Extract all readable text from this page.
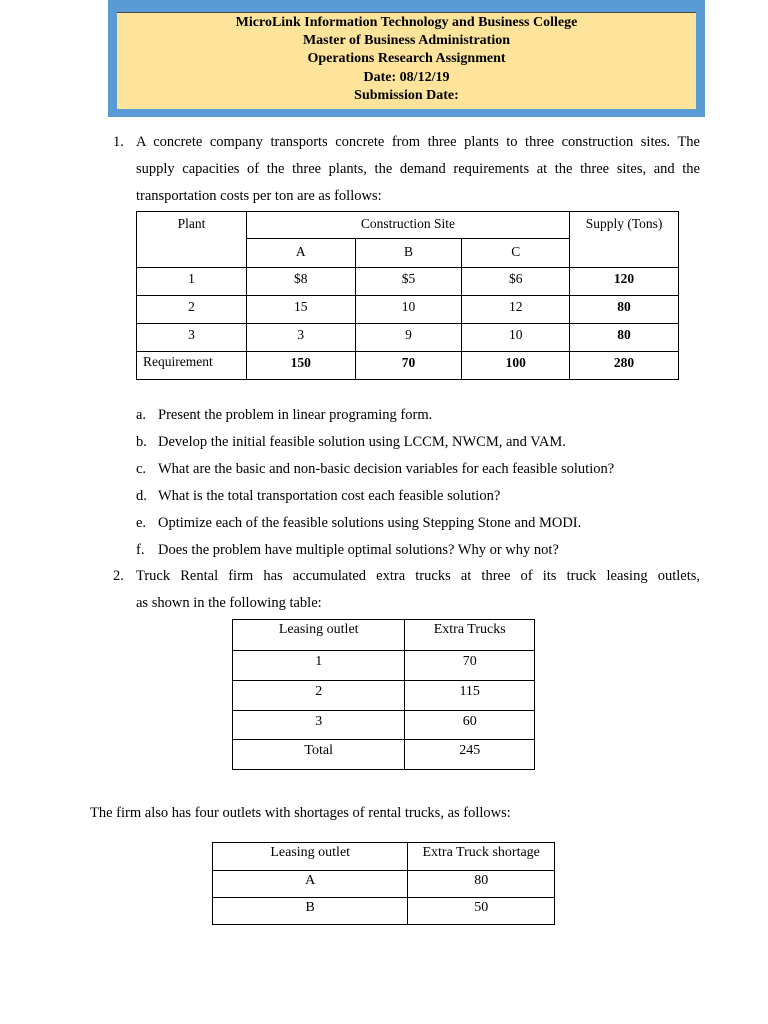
MicroLink Information Technology and Business College
Master of Business Administration
Operations Research Assignment
Date: 08/12/19
Submission Date:
1. A concrete company transports concrete from three plants to three construction sites. The
supply capacities of the three plants, the demand requirements at the three sites, and the
transportation costs per ton are as follows:
Plant	Construction Site			Supply (Tons)
	A	B	C	
1	$8	$5	$6	120
2	15	10	12	80
3	3	9	10	80
Requirement	150	70	100	280
a. Present the problem in linear programing form.
b. Develop the initial feasible solution using LCCM, NWCM, and VAM.
c. What are the basic and non-basic decision variables for each feasible solution?
d. What is the total transportation cost each feasible solution?
e. Optimize each of the feasible solutions using Stepping Stone and MODI.
f. Does the problem have multiple optimal solutions? Why or why not?
2. Truck Rental firm has accumulated extra trucks at three of its truck leasing outlets,
as shown in the following table:
Leasing outlet	Extra Trucks
1	70
2	115
3	60
Total	245
The firm also has four outlets with shortages of rental trucks, as follows:
Leasing outlet	Extra Truck shortage
A	80
B	50
